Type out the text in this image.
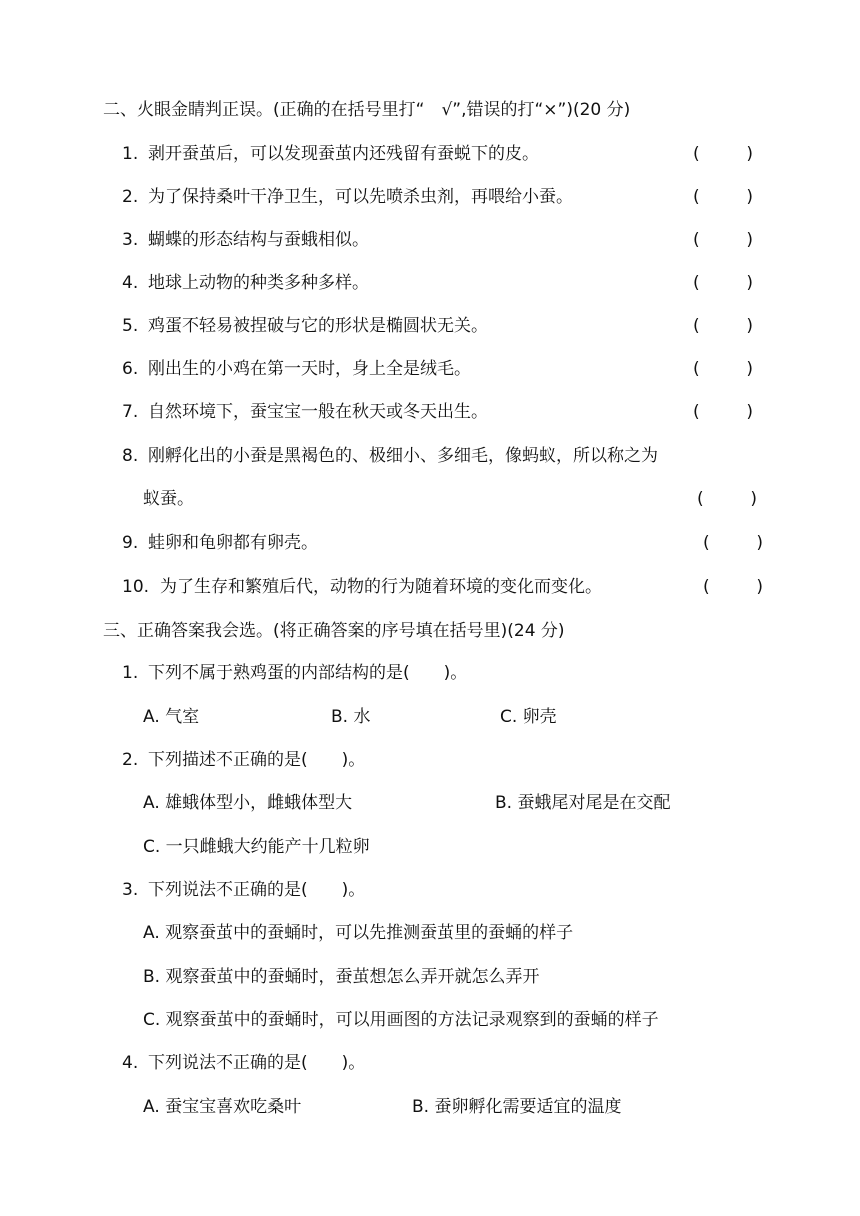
二、火眼金睛判正误。(正确的在括号里打“　√”,错误的打“×”)(20 分)
1. 剥开蚕茧后，可以发现蚕茧内还残留有蚕蜕下的皮。	(	)
2. 为了保持桑叶干净卫生，可以先喷杀虫剂，再喂给小蚕。	(	)
3. 蝴蝶的形态结构与蚕蛾相似。	(	)
4. 地球上动物的种类多种多样。	(	)
5. 鸡蛋不轻易被捏破与它的形状是椭圆状无关。	(	)
6. 刚出生的小鸡在第一天时，身上全是绒毛。	(	)
7. 自然环境下，蚕宝宝一般在秋天或冬天出生。	(	)
8. 刚孵化出的小蚕是黑褐色的、极细小、多细毛，像蚂蚁，所以称之为
蚁蚕。	(	)
9. 蛙卵和龟卵都有卵壳。	(	)
10. 为了生存和繁殖后代，动物的行为随着环境的变化而变化。	(	)
三、正确答案我会选。(将正确答案的序号填在括号里)(24 分)
1. 下列不属于熟鸡蛋的内部结构的是(　　)。
A. 气室	B. 水	C. 卵壳
2. 下列描述不正确的是(　　)。
A. 雄蛾体型小，雌蛾体型大	B. 蚕蛾尾对尾是在交配
C. 一只雌蛾大约能产十几粒卵
3. 下列说法不正确的是(　　)。
A. 观察蚕茧中的蚕蛹时，可以先推测蚕茧里的蚕蛹的样子
B. 观察蚕茧中的蚕蛹时，蚕茧想怎么弄开就怎么弄开
C. 观察蚕茧中的蚕蛹时，可以用画图的方法记录观察到的蚕蛹的样子
4. 下列说法不正确的是(　　)。
A. 蚕宝宝喜欢吃桑叶	B. 蚕卵孵化需要适宜的温度
